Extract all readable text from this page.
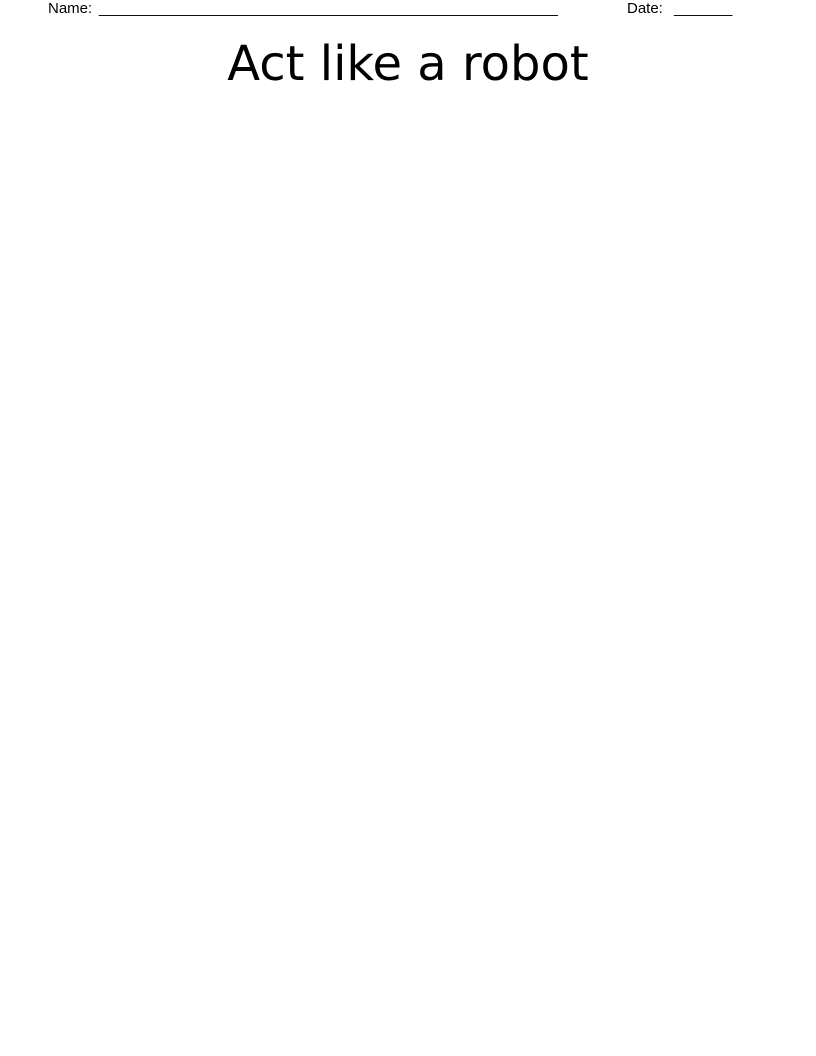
Name: _______________________________________________________	Date: _______
Act like a robot
